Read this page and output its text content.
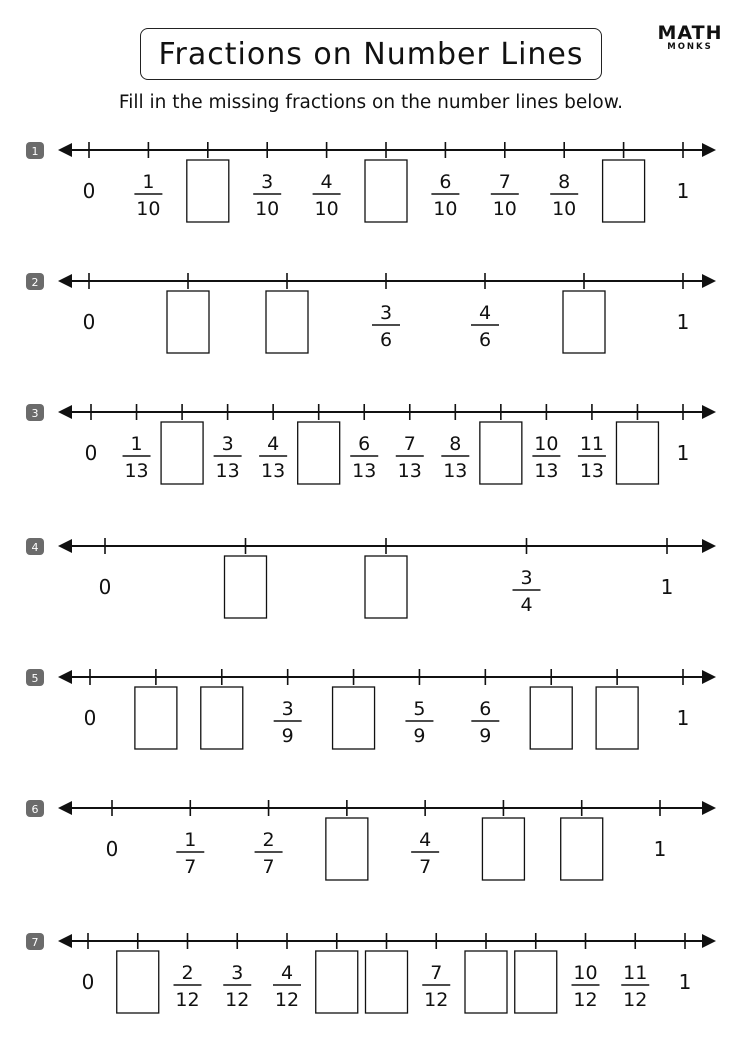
Fractions on Number Lines
MATH
MONKS
Fill in the missing fractions on the number lines below.
1
0 1
10
3
10
4
10
6
10
7
10
8
10
1
2
0	3
6
4
6
1
3
0 1
13
3
13
4
13
6
13
7
13
8
13
10
13
11
13
1
4
0	3
4
1
5
0	3
9
5
9
6
9
1
6
0	1
7
2
7
4
7
1
7
0	2
12
3
12
4
12
7
12
10
12
11
12
1
